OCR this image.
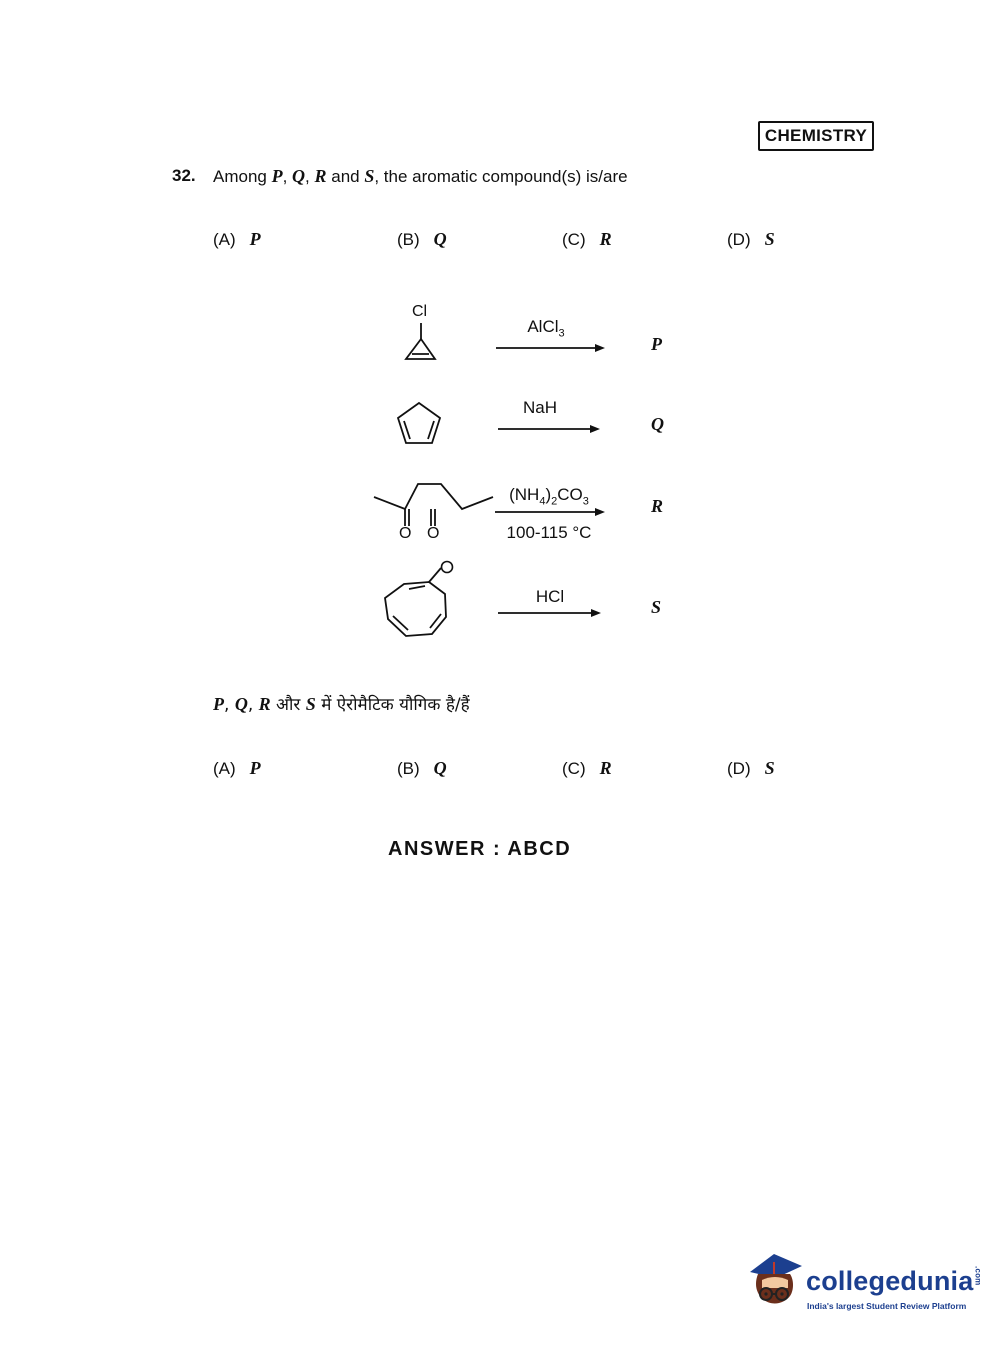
CHEMISTRY
32. Among P, Q, R and S, the aromatic compound(s) is/are
(A) P	(B) Q	(C) R	(D) S
Cl
O O
AlCl$_3$
NaH
$(NH_4)_2CO_3$
100-115 °C
HCl
P
Q
R
S
P, Q, R और S में ऐरोमैटिक यौगिक है/हैं
(A) P	(B) Q	(C) R	(D) S
ANSWER : ABCD
collegedunia.com
India's largest Student Review Platform
